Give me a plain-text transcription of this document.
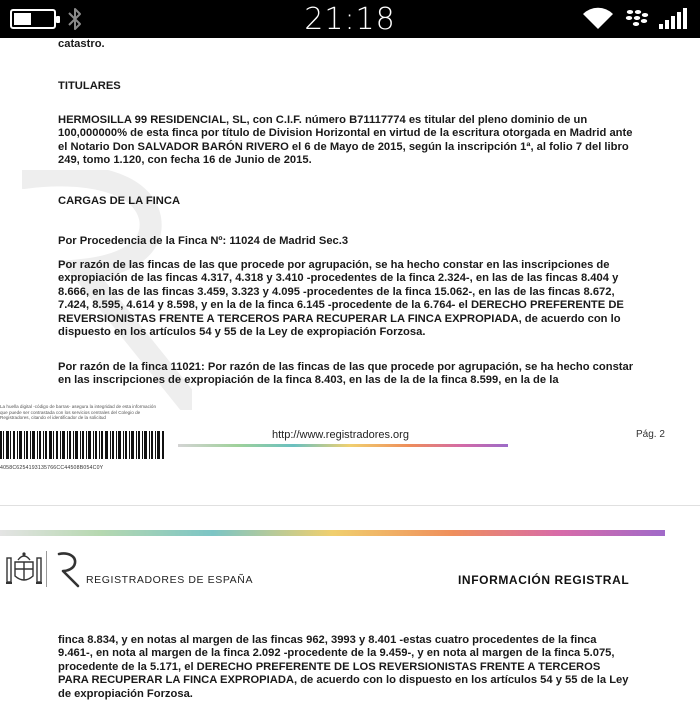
21:18
catastro.
TITULARES
HERMOSILLA 99 RESIDENCIAL, SL, con C.I.F. número B71117774 es titular del pleno dominio de un 100,000000% de esta finca por título de Division Horizontal en virtud de la escritura otorgada en Madrid ante el Notario Don SALVADOR BARÓN RIVERO el 6 de Mayo de 2015, según la inscripción 1ª, al folio 7 del libro 249, tomo 1.120, con fecha 16 de Junio de 2015.
CARGAS DE LA FINCA
Por Procedencia de la Finca Nº: 11024 de Madrid Sec.3
Por razón de las fincas de las que procede por agrupación, se ha hecho constar en las inscripciones de expropiación de las fincas 4.317, 4.318 y 3.410 -procedentes de la finca 2.324-, en las de las fincas 8.404 y 8.666, en las de las fincas 3.459, 3.323 y 4.095 -procedentes de la finca 15.062-, en las de las fincas 8.672, 7.424, 8.595, 4.614 y 8.598, y en la de la finca 6.145 -procedente de la 6.764- el DERECHO PREFERENTE DE REVERSIONISTAS FRENTE A TERCEROS PARA RECUPERAR LA FINCA EXPROPIADA, de acuerdo con lo dispuesto en los artículos 54 y 55 de la Ley de expropiación Forzosa.
Por razón de la finca 11021: Por razón de las fincas de las que procede por agrupación, se ha hecho constar en las inscripciones de expropiación de la finca 8.403, en las de la de la finca 8.599, en la de la
La huella digital -código de barras- asegura la integridad de esta información que puede ser contrastada con los servicios centrales del Colegio de Registradores, citando el identificador de la solicitud
4058C6254193135766CC44508B054C0Y
http://www.registradores.org	Pág. 2
REGISTRADORES DE ESPAÑA	INFORMACIÓN REGISTRAL
finca 8.834, y en notas al margen de las fincas 962, 3993 y 8.401 -estas cuatro procedentes de la finca 9.461-, en nota al margen de la finca 2.092 -procedente de la 9.459-, y en nota al margen de la finca 5.075, procedente de la 5.171, el DERECHO PREFERENTE DE LOS REVERSIONISTAS FRENTE A TERCEROS PARA RECUPERAR LA FINCA EXPROPIADA, de acuerdo con lo dispuesto en los artículos 54 y 55 de la Ley de expropiación Forzosa.
